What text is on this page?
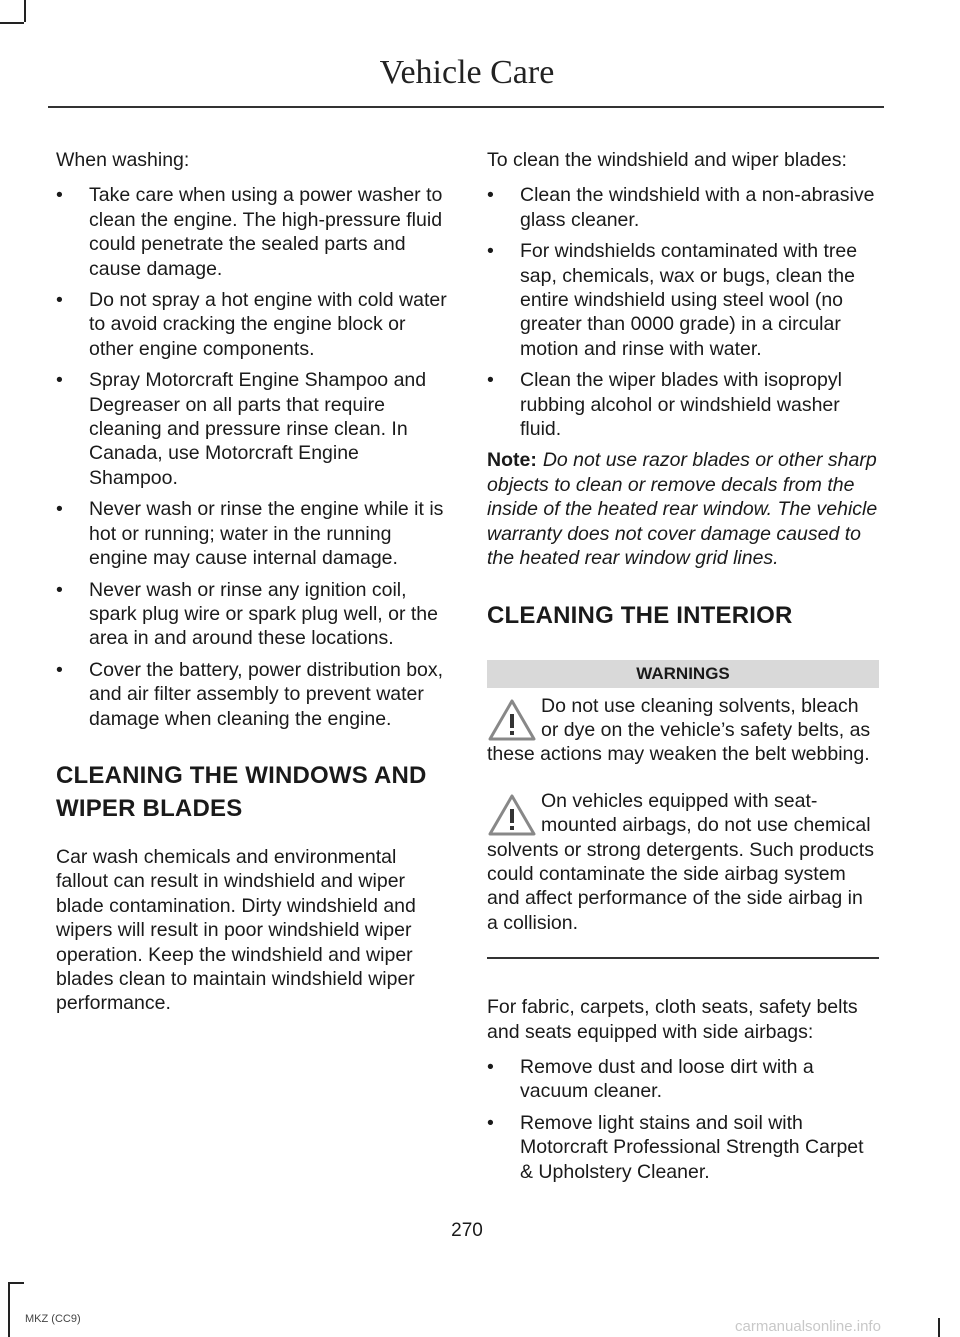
Vehicle Care

When washing:

• Take care when using a power washer to clean the engine. The high-pressure fluid could penetrate the sealed parts and cause damage.
• Do not spray a hot engine with cold water to avoid cracking the engine block or other engine components.
• Spray Motorcraft Engine Shampoo and Degreaser on all parts that require cleaning and pressure rinse clean. In Canada, use Motorcraft Engine Shampoo.
• Never wash or rinse the engine while it is hot or running; water in the running engine may cause internal damage.
• Never wash or rinse any ignition coil, spark plug wire or spark plug well, or the area in and around these locations.
• Cover the battery, power distribution box, and air filter assembly to prevent water damage when cleaning the engine.
CLEANING THE WINDOWS AND WIPER BLADES

Car wash chemicals and environmental fallout can result in windshield and wiper blade contamination. Dirty windshield and wipers will result in poor windshield wiper operation. Keep the windshield and wiper blades clean to maintain windshield wiper performance.

To clean the windshield and wiper blades:

• Clean the windshield with a non-abrasive glass cleaner.
• For windshields contaminated with tree sap, chemicals, wax or bugs, clean the entire windshield using steel wool (no greater than 0000 grade) in a circular motion and rinse with water.
• Clean the wiper blades with isopropyl rubbing alcohol or windshield washer fluid.

Note: Do not use razor blades or other sharp objects to clean or remove decals from the inside of the heated rear window. The vehicle warranty does not cover damage caused to the heated rear window grid lines.

CLEANING THE INTERIOR
WARNINGS
Do not use cleaning solvents, bleach or dye on the vehicle’s safety belts, as these actions may weaken the belt webbing.
On vehicles equipped with seat-mounted airbags, do not use chemical solvents or strong detergents. Such products could contaminate the side airbag system and affect performance of the side airbag in a collision.

For fabric, carpets, cloth seats, safety belts and seats equipped with side airbags:

• Remove dust and loose dirt with a vacuum cleaner.
• Remove light stains and soil with Motorcraft Professional Strength Carpet & Upholstery Cleaner.
270
MKZ (CC9)	carmanualsonline.info
